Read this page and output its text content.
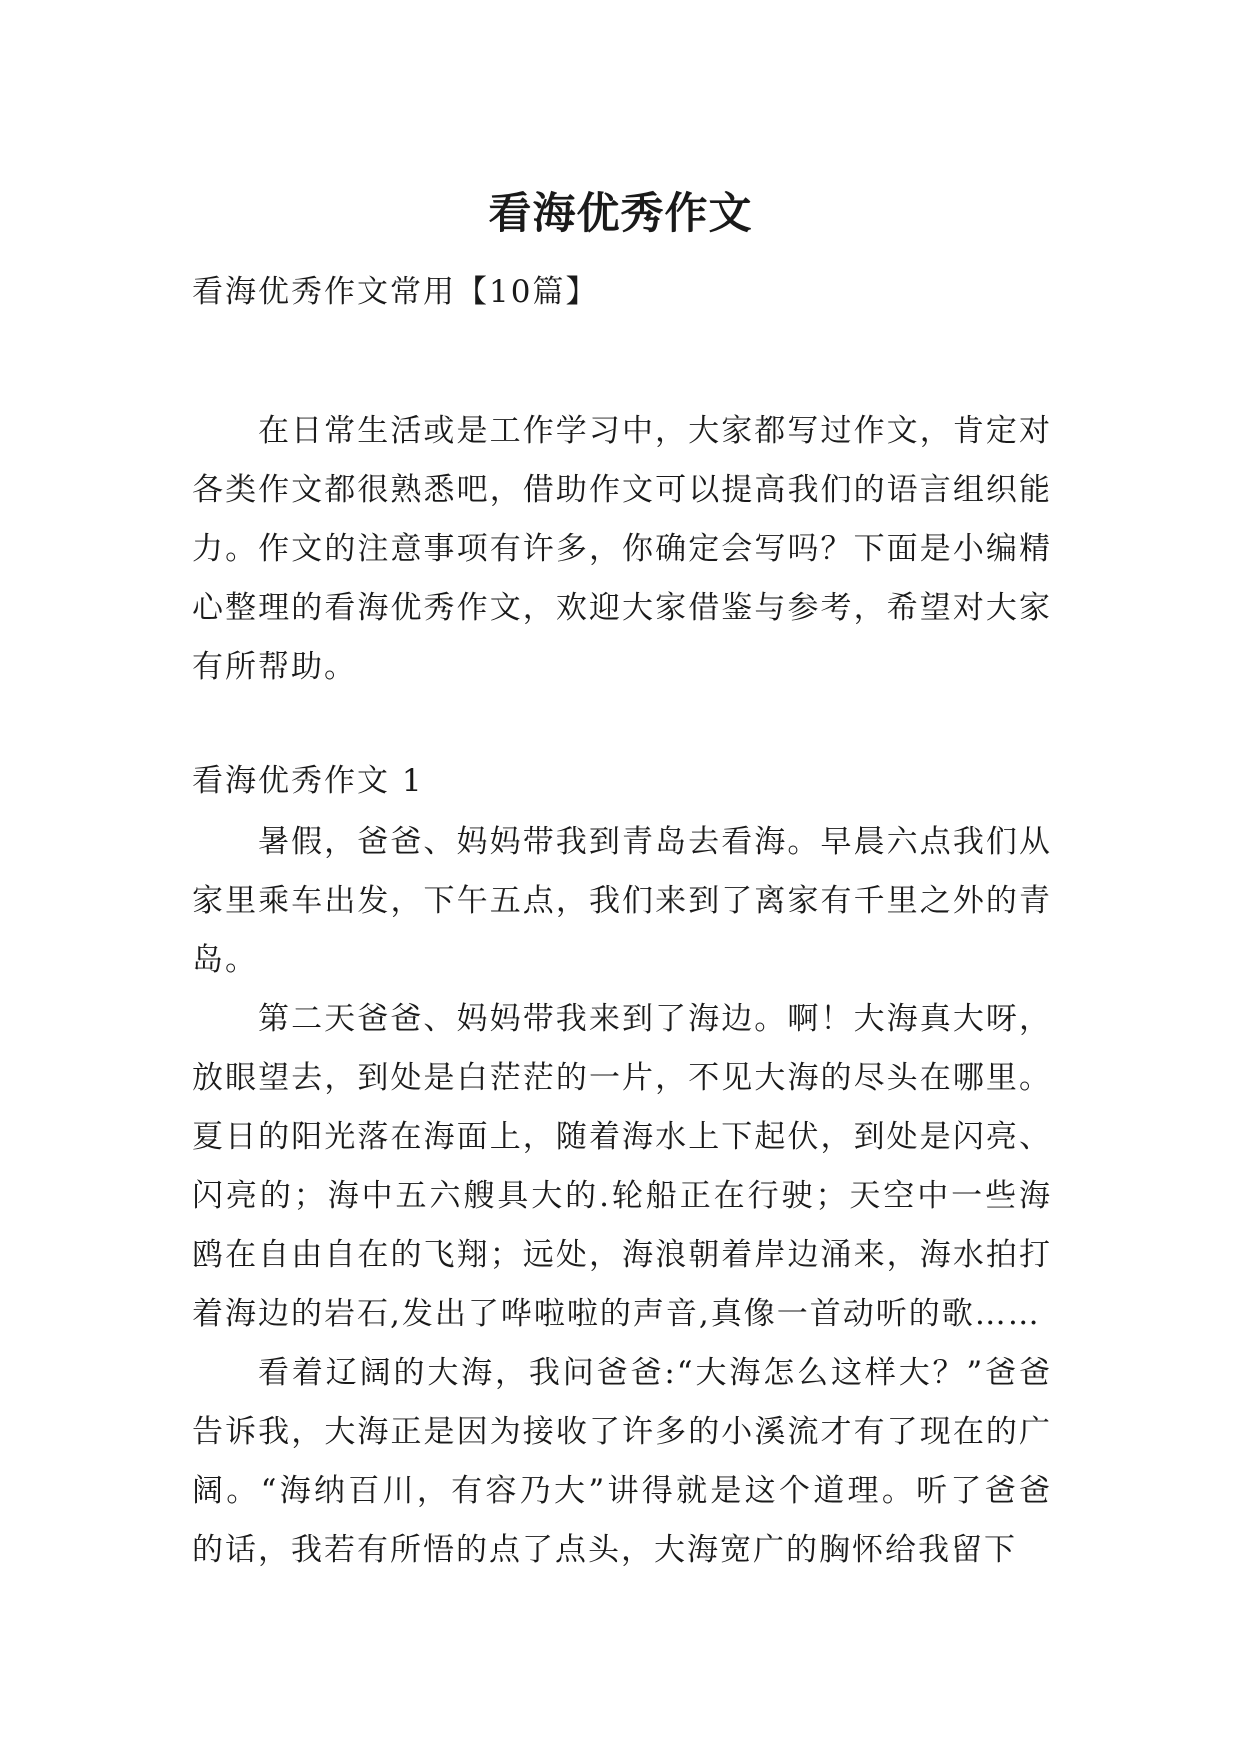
看海优秀作文
看海优秀作文常用【10篇】

在日常生活或是工作学习中，大家都写过作文，肯定对各类作文都很熟悉吧，借助作文可以提高我们的语言组织能力。作文的注意事项有许多，你确定会写吗？下面是小编精心整理的看海优秀作文，欢迎大家借鉴与参考，希望对大家有所帮助。

看海优秀作文 1

暑假，爸爸、妈妈带我到青岛去看海。早晨六点我们从家里乘车出发，下午五点，我们来到了离家有千里之外的青岛。

第二天爸爸、妈妈带我来到了海边。啊！大海真大呀，放眼望去，到处是白茫茫的一片，不见大海的尽头在哪里。夏日的阳光落在海面上，随着海水上下起伏，到处是闪亮、闪亮的；海中五六艘具大的.轮船正在行驶；天空中一些海鸥在自由自在的飞翔；远处，海浪朝着岸边涌来，海水拍打着海边的岩石,发出了哗啦啦的声音,真像一首动听的歌……

看着辽阔的大海，我问爸爸:“大海怎么这样大？”爸爸告诉我，大海正是因为接收了许多的小溪流才有了现在的广阔。“海纳百川，有容乃大”讲得就是这个道理。听了爸爸的话，我若有所悟的点了点头，大海宽广的胸怀给我留下
